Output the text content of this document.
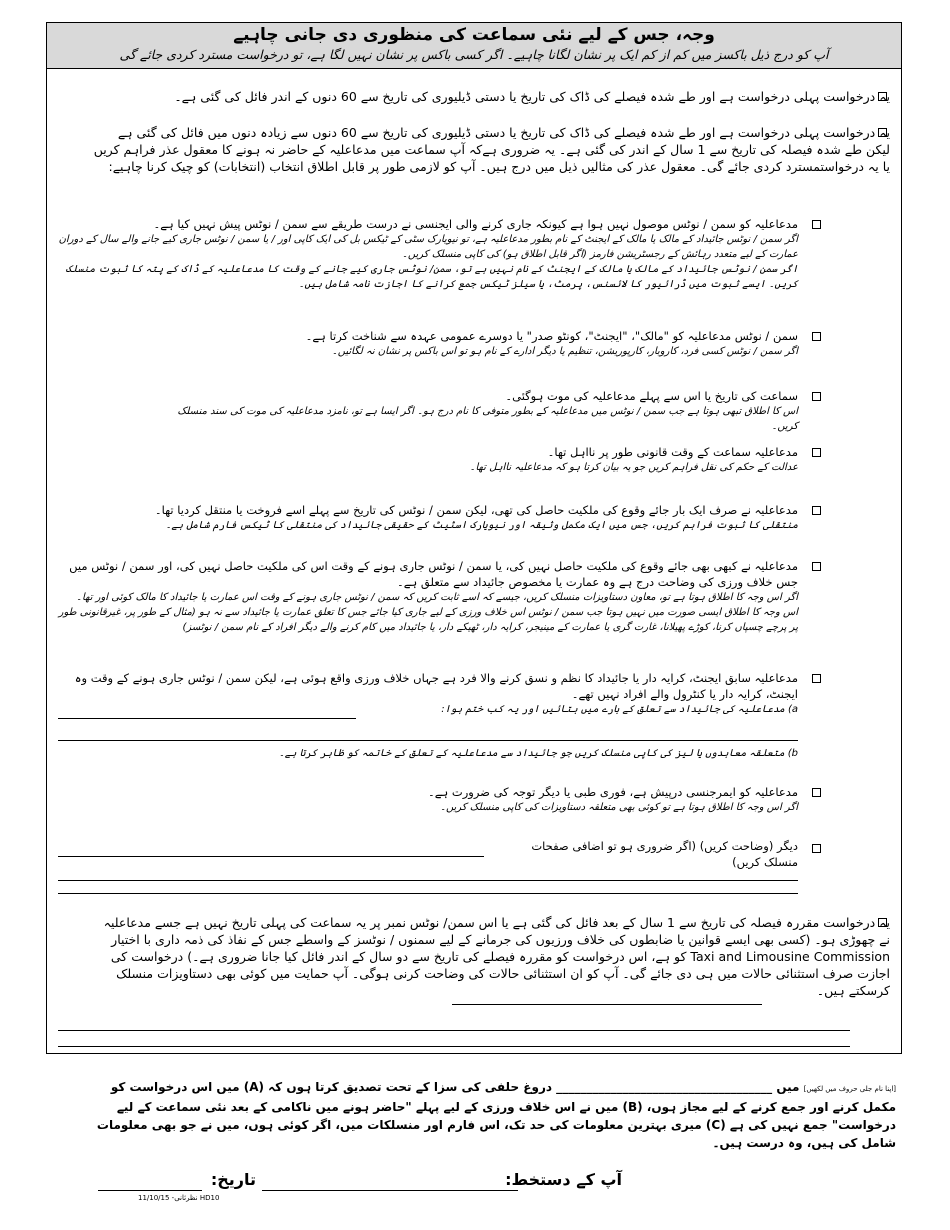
وجہ، جس کے لیے نئی سماعت کی منظوری دی جانی چاہیے
آپ کو درج ذیل باکسز میں کم از کم ایک پر نشان لگانا چاہیے۔ اگر کسی باکس پر نشان نہیں لگا ہے، تو درخواست مسترد کردی جائے گی
یہ درخواست پہلی درخواست ہے اور طے شدہ فیصلے کی ڈاک کی تاریخ یا دستی ڈیلیوری کی تاریخ سے 60 دنوں کے اندر فائل کی گئی ہے۔
یہ درخواست پہلی درخواست ہے اور طے شدہ فیصلے کی ڈاک کی تاریخ یا دستی ڈیلیوری کی تاریخ سے 60 دنوں سے زیادہ دنوں میں فائل کی گئی ہے لیکن طے شدہ فیصلہ کی تاریخ سے 1 سال کے اندر کی گئی ہے۔ یہ ضروری ہےکہ آپ سماعت میں مدعاعلیہ کے حاضر نہ ہونے کا معقول عذر فراہم کریں یا یہ درخواستمسترد کردی جائے گی۔ معقول عذر کی مثالیں ذیل میں درج ہیں۔ آپ کو لازمی طور پر قابل اطلاق انتخاب (انتخابات) کو چیک کرنا چاہیے:
مدعاعلیہ کو سمن / نوٹس موصول نہیں ہوا ہے کیونکہ جاری کرنے والی ایجنسی نے درست طریقے سے سمن / نوٹس پیش نہیں کیا ہے۔
اگر سمن / نوٹس جائیداد کے مالک یا مالک کے ایجنٹ کے نام بطور مدعاعلیہ ہے، تو نیویارک سٹی کے ٹیکس بل کی ایک کاپی اور / یا سمن / نوٹس جاری کیے جانے والے سال کے دوران عمارت کے لیے متعدد رہائش کے رجسٹریشن فارمز (اگر قابل اطلاق ہو) کی کاپی منسلک کریں۔
اگر سمن / نوٹس جائیداد کے مالک یا مالک کے ایجنٹ کے نام نہیں ہے تو، سمن/ نوٹس جاری کیے جانے کے وقت کا مدعاعلیہ کے ڈاک کے پتہ کا ثبوت منسلک کریں۔ ایسے ثبوت میں ڈرائیور کا لائسنس، پرمٹ، یا سیلز ٹیکس جمع کرانے کا اجازت نامہ شامل ہیں۔
سمن / نوٹس مدعاعلیہ کو "مالک"، "ایجنٹ"، کونٹو صدر" یا دوسرے عمومی عہدہ سے شناخت کرتا ہے۔
اگر سمن / نوٹس کسی فرد، کاروبار، کارپوریشن، تنظیم یا دیگر ادارے کے نام ہو تو اس باکس پر نشان نہ لگائیں۔
سماعت کی تاریخ یا اس سے پہلے مدعاعلیہ کی موت ہوگئی۔
اس کا اطلاق تبھی ہوتا ہے جب سمن / نوٹس میں مدعاعلیہ کے بطور متوفی کا نام درج ہو۔ اگر ایسا ہے تو، نامزد مدعاعلیہ کی موت کی سند منسلک کریں۔
مدعاعلیہ سماعت کے وقت قانونی طور پر نااہل تھا۔
عدالت کے حکم کی نقل فراہم کریں جو یہ بیان کرتا ہو کہ مدعاعلیہ نااہل تھا۔
مدعاعلیہ نے صرف ایک بار جائے وقوع کی ملکیت حاصل کی تھی، لیکن سمن / نوٹس کی تاریخ سے پہلے اسے فروخت یا منتقل کردیا تھا۔
منتقلی کا ثبوت فراہم کریں، جس میں ایک مکمل وثیقہ اور نیویارک اسٹیٹ کے حقیقی جائیداد کی منتقلی کا ٹیکس فارم شامل ہے۔
مدعاعلیہ نے کبھی بھی جائے وقوع کی ملکیت حاصل نہیں کی، یا سمن / نوٹس جاری ہونے کے وقت اس کی ملکیت حاصل نہیں کی، اور سمن / نوٹس میں جس خلاف ورزی کی وضاحت درج ہے وہ عمارت یا مخصوص جائیداد سے متعلق ہے۔
اگر اس وجہ کا اطلاق ہوتا ہے تو، معاون دستاویزات منسلک کریں، جیسے کہ اسے ثابت کریں کہ سمن / نوٹس جاری ہونے کے وقت اس عمارت یا جائیداد کا مالک کوئی اور تھا۔
اس وجہ کا اطلاق ایسی صورت میں نہیں ہوتا جب سمن / نوٹس اس خلاف ورزی کے لیے جاری کیا جائے جس کا تعلق عمارت یا جائیداد سے نہ ہو (مثال کے طور پر، غیرقانونی طور پر پرچے چسپاں کرنا، کوڑے پھیلانا، غارت گری یا عمارت کے مینیجر، کرایہ دار، ٹھیکے دار، یا جائیداد میں کام کرنے والے دیگر افراد کے نام سمن / نوٹسز)
مدعاعلیہ سابق ایجنٹ، کرایہ دار یا جائیداد کا نظم و نسق کرنے والا فرد ہے جہاں خلاف ورزی واقع ہوئی ہے، لیکن سمن / نوٹس جاری ہونے کے وقت وہ ایجنٹ، کرایہ دار یا کنٹرول والے افراد نہیں تھے۔
a) مدعاعلیہ کی جائیداد سے تعلق کے بارے میں بتائیں اور یہ کب ختم ہوا:
b) متعلقہ معاہدوں یا لیز کی کاپی منسلک کریں جو جائیداد سے مدعاعلیہ کے تعلق کے خاتمہ کو ظاہر کرتا ہے۔
مدعاعلیہ کو ایمرجنسی درپیش ہے، فوری طبی یا دیگر توجہ کی ضرورت ہے۔
اگر اس وجہ کا اطلاق ہوتا ہے تو کوئی بھی متعلقہ دستاویزات کی کاپی منسلک کریں۔
دیگر (وضاحت کریں) (اگر ضروری ہو تو اضافی صفحات منسلک کریں)
یہ درخواست مقررہ فیصلہ کی تاریخ سے 1 سال کے بعد فائل کی گئی ہے یا اس سمن/ نوٹس نمبر پر یہ سماعت کی پہلی تاریخ نہیں ہے جسے مدعاعلیہ نے چھوڑی ہو۔ (کسی بھی ایسے قوانین یا ضابطوں کی خلاف ورزیوں کی جرمانے کے لیے سمنوں / نوٹسز کے واسطے جس کے نفاذ کی ذمہ داری با اختیار Taxi and Limousine Commission کو ہے، اس درخواست کو مقررہ فیصلے کی تاریخ سے دو سال کے اندر فائل کیا جانا ضروری ہے۔) درخواست کی اجازت صرف استثنائی حالات میں ہی دی جائے گی۔ آپ کو ان استثنائی حالات کی وضاحت کرنی ہوگی۔ آپ حمایت میں کوئی بھی دستاویزات منسلک کرسکتے ہیں۔
[اپنا نام جلی حروف میں لکھیں] میں ____________________________________ دروغ حلفی کی سزا کے تحت تصدیق کرتا ہوں کہ (A) میں اس درخواست کو مکمل کرنے اور جمع کرنے کے لیے مجاز ہوں، (B) میں نے اس خلاف ورزی کے لیے پہلے "حاضر ہونے میں ناکامی کے بعد نئی سماعت کے لیے درخواست" جمع نہیں کی ہے (C) میری بہترین معلومات کی حد تک، اس فارم اور منسلکات میں، اگر کوئی ہوں، میں نے جو بھی معلومات شامل کی ہیں، وہ درست ہیں۔
آپ کے دستخط:
تاریخ:
HD10 نظرثانی- 11/10/15
